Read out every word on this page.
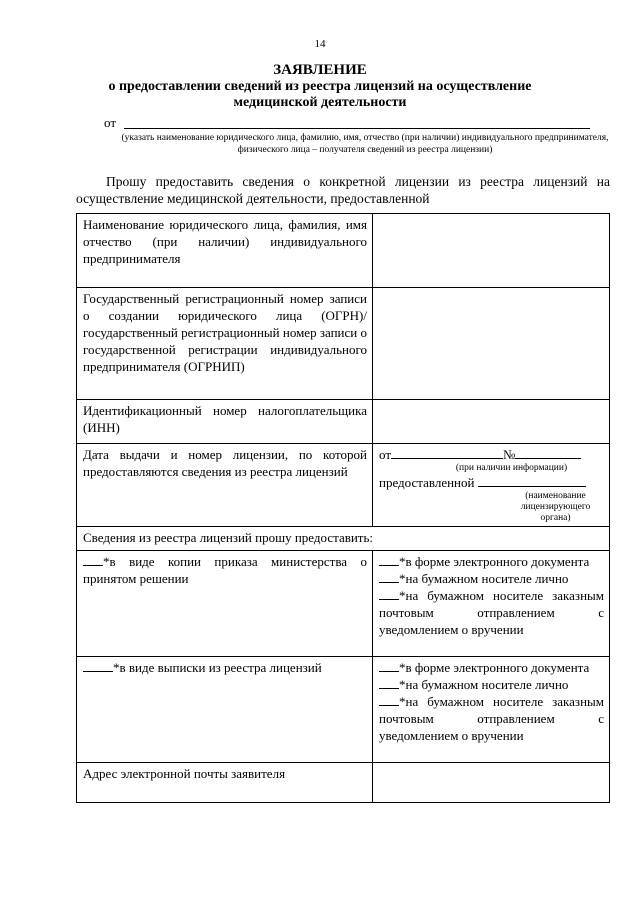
14
ЗАЯВЛЕНИЕ
о предоставлении сведений из реестра лицензий на осуществление медицинской деятельности
от
(указать наименование юридического лица, фамилию, имя, отчество (при наличии) индивидуального предпринимателя, физического лица – получателя сведений из реестра лицензии)

Прошу предоставить сведения о конкретной лицензии из реестра лицензий на осуществление медицинской деятельности, предоставленной

Наименование юридического лица, фамилия, имя отчество (при наличии) индивидуального предпринимателя	
Государственный регистрационный номер записи о создании юридического лица (ОГРН)/государственный регистрационный номер записи о государственной регистрации индивидуального предпринимателя (ОГРНИП)	
Идентификационный номер налогоплательщика (ИНН)	
Дата выдачи и номер лицензии, по которой предоставляются сведения из реестра лицензий	от №
(при наличии информации)
предоставленной
(наименование лицензирующего органа)

Сведения из реестра лицензий прошу предоставить:	
*в виде копии приказа министерства о принятом решении	*в форме электронного документа
*на бумажном носителе лично
*на бумажном носителе заказным почтовым отправлением с уведомлением о вручении

*в виде выписки из реестра лицензий	*в форме электронного документа
*на бумажном носителе лично
*на бумажном носителе заказным почтовым отправлением с уведомлением о вручении

Адрес электронной почты заявителя	
